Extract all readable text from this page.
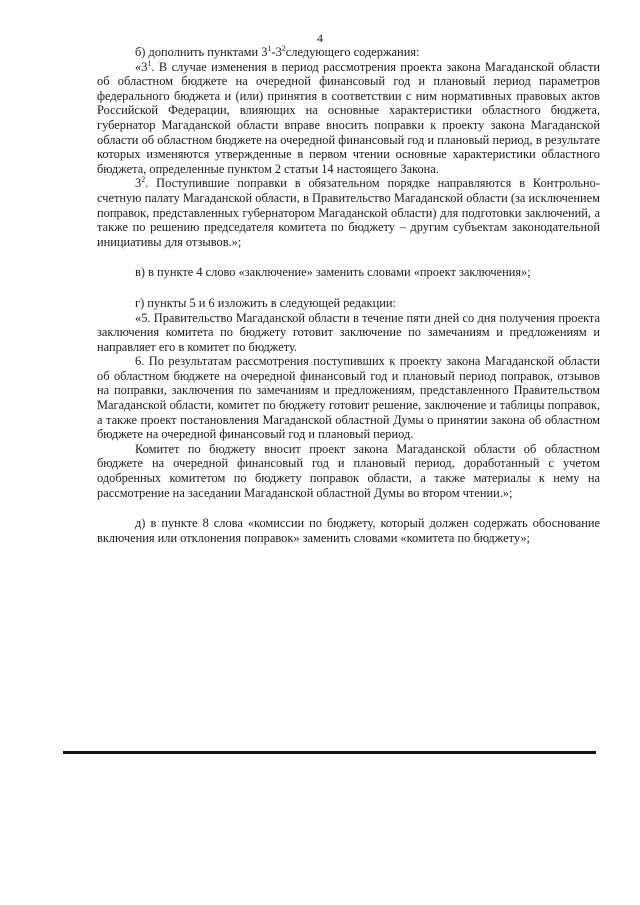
4

б) дополнить пунктами $3^1-3^2следующего$ содержания:

«$3^1$. В случае изменения в период рассмотрения проекта закона Магаданской области об областном бюджете на очередной финансовый год и плановый период параметров федерального бюджета и (или) принятия в соответствии с ним нормативных правовых актов Российской Федерации, влияющих на основные характеристики областного бюджета, губернатор Магаданской области вправе вносить поправки к проекту закона Магаданской области об областном бюджете на очередной финансовый год и плановый период, в результате которых изменяются утвержденные в первом чтении основные характеристики областного бюджета, определенные пунктом 2 статьи 14 настоящего Закона.

$3^2$. Поступившие поправки в обязательном порядке направляются в Контрольно-счетную палату Магаданской области, в Правительство Магаданской области (за исключением поправок, представленных губернатором Магаданской области) для подготовки заключений, а также по решению председателя комитета по бюджету – другим субъектам законодательной инициативы для отзывов.»;

в) в пункте 4 слово «заключение» заменить словами «проект заключения»;

г) пункты 5 и 6 изложить в следующей редакции:

«5. Правительство Магаданской области в течение пяти дней со дня получения проекта заключения комитета по бюджету готовит заключение по замечаниям и предложениям и направляет его в комитет по бюджету.

6. По результатам рассмотрения поступивших к проекту закона Магаданской области об областном бюджете на очередной финансовый год и плановый период поправок, отзывов на поправки, заключения по замечаниям и предложениям, представленного Правительством Магаданской области, комитет по бюджету готовит решение, заключение и таблицы поправок, а также проект постановления Магаданской областной Думы о принятии закона об областном бюджете на очередной финансовый год и плановый период.

Комитет по бюджету вносит проект закона Магаданской области об областном бюджете на очередной финансовый год и плановый период, доработанный с учетом одобренных комитетом по бюджету поправок области, а также материалы к нему на рассмотрение на заседании Магаданской областной Думы во втором чтении.»;

д) в пункте 8 слова «комиссии по бюджету, который должен содержать обоснование включения или отклонения поправок» заменить словами «комитета по бюджету»;
